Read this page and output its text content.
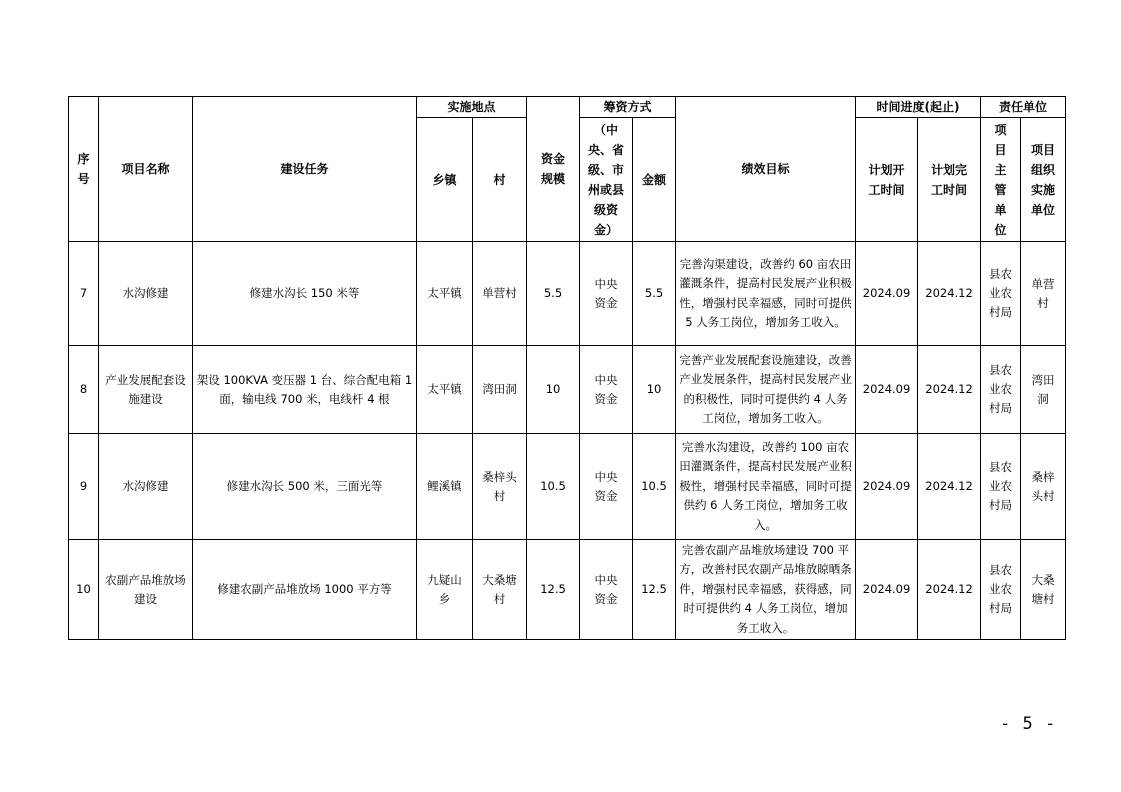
序号	项目名称	建设任务	实施地点		资金规模	筹资方式		绩效目标	时间进度(起止)		责任单位	
			乡镇	村		（中央、省级、市州或县级资金）	金额		计划开工时间	计划完工时间	项目主管单位	项目组织实施单位
7	水沟修建	修建水沟长 150 米等	太平镇	单营村	5.5	中央资金	5.5	完善沟渠建设，改善约 60 亩农田灌溉条件，提高村民发展产业积极性，增强村民幸福感，同时可提供 5 人务工岗位，增加务工收入。	2024.09	2024.12	县农业农村局	单营村
8	产业发展配套设施建设	架设 100KVA 变压器 1 台、综合配电箱 1 面，输电线 700 米，电线杆 4 根	太平镇	湾田洞	10	中央资金	10	完善产业发展配套设施建设，改善产业发展条件，提高村民发展产业的积极性，同时可提供约 4 人务工岗位，增加务工收入。	2024.09	2024.12	县农业农村局	湾田洞
9	水沟修建	修建水沟长 500 米，三面光等	鲤溪镇	桑梓头村	10.5	中央资金	10.5	完善水沟建设，改善约 100 亩农田灌溉条件，提高村民发展产业积极性，增强村民幸福感，同时可提供约 6 人务工岗位，增加务工收入。	2024.09	2024.12	县农业农村局	桑梓头村
10	农副产品堆放场建设	修建农副产品堆放场 1000 平方等	九疑山乡	大桑塘村	12.5	中央资金	12.5	完善农副产品堆放场建设 700 平方，改善村民农副产品堆放晾晒条件，增强村民幸福感，获得感，同时可提供约 4 人务工岗位，增加务工收入。	2024.09	2024.12	县农业农村局	大桑塘村
- 5 -
